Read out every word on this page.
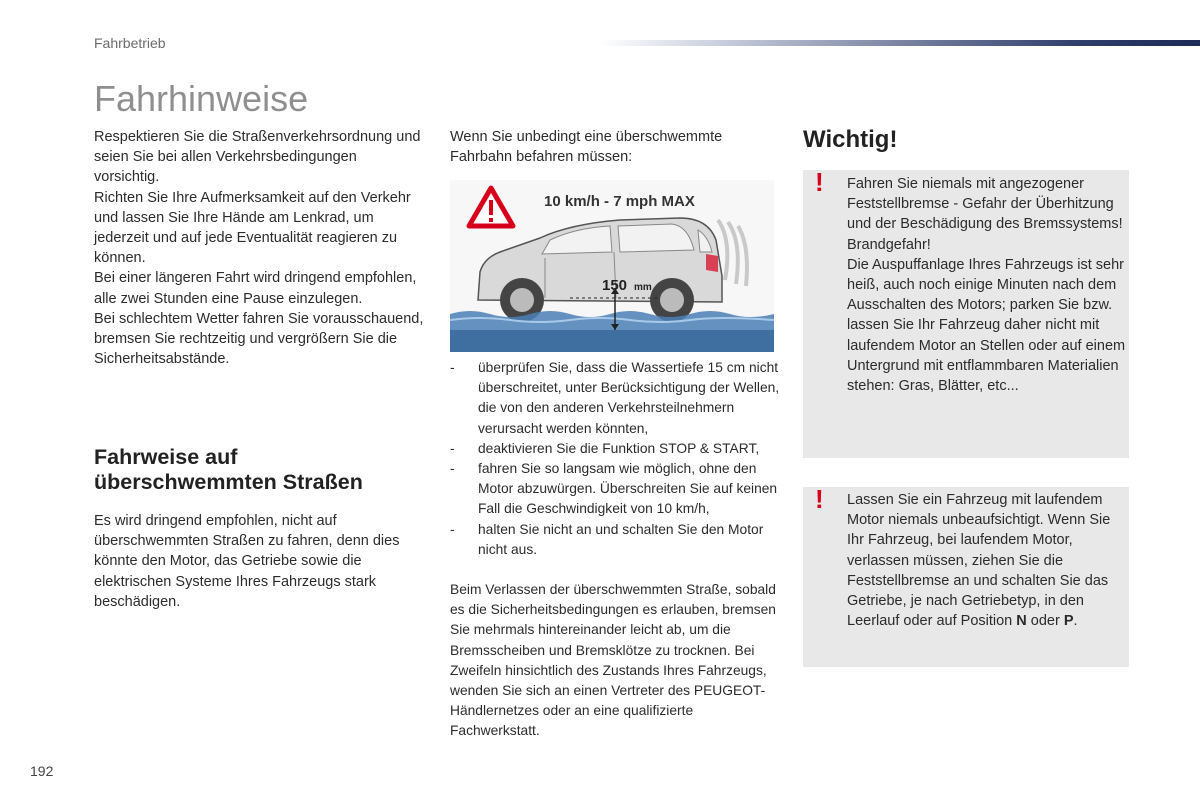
Fahrbetrieb
Fahrhinweise

Respektieren Sie die Straßenverkehrsordnung und seien Sie bei allen Verkehrsbedingungen vorsichtig.

Richten Sie Ihre Aufmerksamkeit auf den Verkehr und lassen Sie Ihre Hände am Lenkrad, um jederzeit und auf jede Eventualität reagieren zu können.

Bei einer längeren Fahrt wird dringend empfohlen, alle zwei Stunden eine Pause einzulegen.

Bei schlechtem Wetter fahren Sie vorausschauend, bremsen Sie rechtzeitig und vergrößern Sie die Sicherheitsabstände.

Fahrweise auf überschwemmten Straßen

Es wird dringend empfohlen, nicht auf überschwemmten Straßen zu fahren, denn dies könnte den Motor, das Getriebe sowie die elektrischen Systeme Ihres Fahrzeugs stark beschädigen.

Wenn Sie unbedingt eine überschwemmte Fahrbahn befahren müssen:

10 km/h - 7 mph MAX
150 mm
- überprüfen Sie, dass die Wassertiefe 15 cm nicht überschreitet, unter Berücksichtigung der Wellen, die von den anderen Verkehrsteilnehmern verursacht werden könnten,
- deaktivieren Sie die Funktion STOP & START,
- fahren Sie so langsam wie möglich, ohne den Motor abzuwürgen. Überschreiten Sie auf keinen Fall die Geschwindigkeit von 10 km/h,
- halten Sie nicht an und schalten Sie den Motor nicht aus.

Beim Verlassen der überschwemmten Straße, sobald es die Sicherheitsbedingungen es erlauben, bremsen Sie mehrmals hintereinander leicht ab, um die Bremsscheiben und Bremsklötze zu trocknen. Bei Zweifeln hinsichtlich des Zustands Ihres Fahrzeugs, wenden Sie sich an einen Vertreter des PEUGEOT-Händlernetzes oder an eine qualifizierte Fachwerkstatt.

Wichtig!
! Fahren Sie niemals mit angezogener Feststellbremse - Gefahr der Überhitzung und der Beschädigung des Bremssystems!

Brandgefahr!

Die Auspuffanlage Ihres Fahrzeugs ist sehr heiß, auch noch einige Minuten nach dem Ausschalten des Motors; parken Sie bzw. lassen Sie Ihr Fahrzeug daher nicht mit laufendem Motor an Stellen oder auf einem Untergrund mit entflammbaren Materialien stehen: Gras, Blätter, etc...

! Lassen Sie ein Fahrzeug mit laufendem Motor niemals unbeaufsichtigt. Wenn Sie Ihr Fahrzeug, bei laufendem Motor, verlassen müssen, ziehen Sie die Feststellbremse an und schalten Sie das Getriebe, je nach Getriebetyp, in den Leerlauf oder auf Position N oder P.

192
